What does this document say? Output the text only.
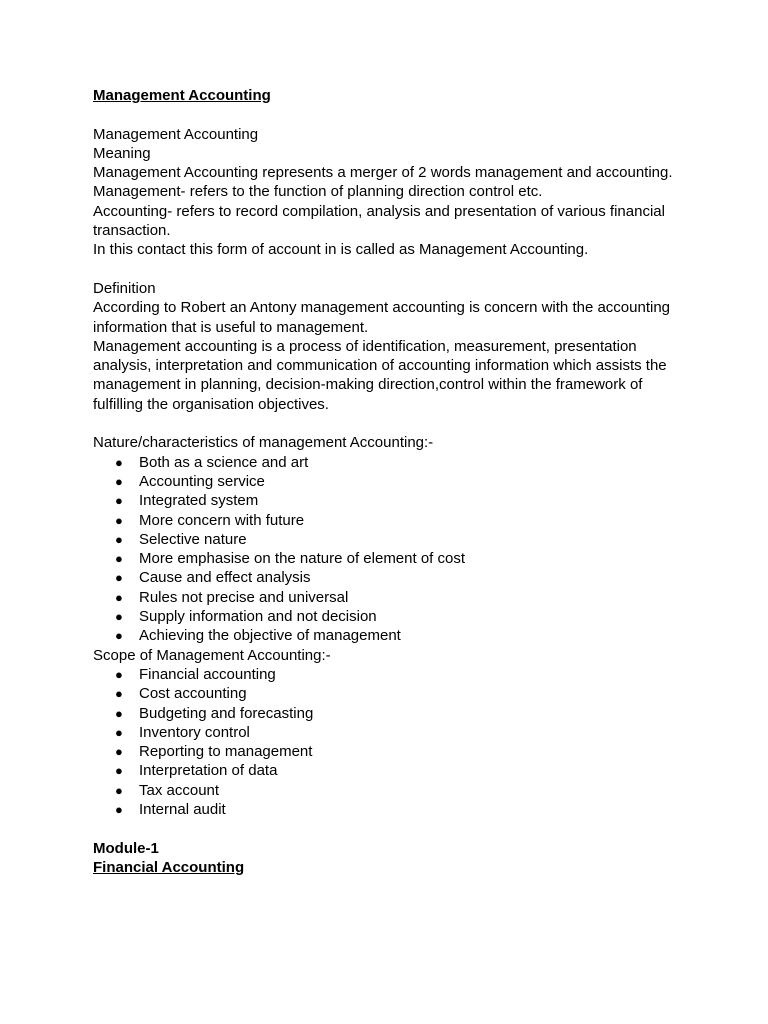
Management Accounting
Management Accounting
Meaning
Management Accounting represents a merger of 2 words management and accounting.
Management- refers to the function of planning direction control etc.
Accounting- refers to record compilation, analysis and presentation of various financial transaction.
In this contact this form of account in is called as Management Accounting.
Definition
According to Robert an Antony management accounting is concern with the accounting information that is useful to management.
Management accounting is a process of identification, measurement, presentation analysis, interpretation and communication of accounting information which assists the management in planning, decision-making direction,control within the framework of fulfilling the organisation objectives.
Nature/characteristics of management Accounting:-
● Both as a science and art
● Accounting service
● Integrated system
● More concern with future
● Selective nature
● More emphasise on the nature of element of cost
● Cause and effect analysis
● Rules not precise and universal
● Supply information and not decision
● Achieving the objective of management
Scope of Management Accounting:-
● Financial accounting
● Cost accounting
● Budgeting and forecasting
● Inventory control
● Reporting to management
● Interpretation of data
● Tax account
● Internal audit
Module-1
Financial Accounting
